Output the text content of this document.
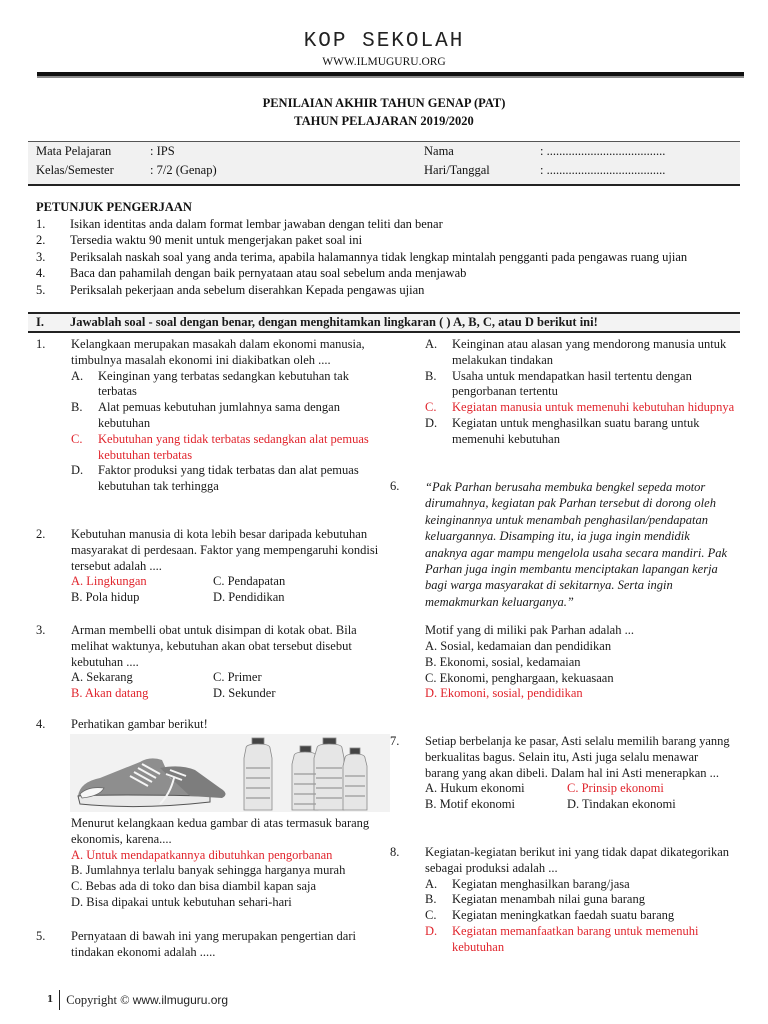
KOP SEKOLAH
WWW.ILMUGURU.ORG
PENILAIAN AKHIR TAHUN GENAP (PAT)
TAHUN PELAJARAN 2019/2020
Mata Pelajaran	: IPS
Kelas/Semester	: 7/2 (Genap)
Nama	: ......................................
Hari/Tanggal	: ......................................
PETUNJUK PENGERJAAN
1.	Isikan identitas anda dalam format lembar jawaban dengan teliti dan benar
2.	Tersedia waktu 90 menit untuk mengerjakan paket soal ini
3.	Periksalah naskah soal yang anda terima, apabila halamannya tidak lengkap mintalah pengganti pada pengawas ruang ujian
4.	Baca dan pahamilah dengan baik pernyataan atau soal sebelum anda menjawab
5.	Periksalah pekerjaan anda sebelum diserahkan Kepada pengawas ujian
I. Jawablah soal - soal dengan benar, dengan menghitamkan lingkaran ( ) A, B, C, atau D berikut ini!
1. Kelangkaan merupakan masakah dalam ekonomi manusia, timbulnya masalah ekonomi ini diakibatkan oleh ....
A.	Keinginan yang terbatas sedangkan kebutuhan tak terbatas
B.	Alat pemuas kebutuhan jumlahnya sama dengan kebutuhan
C.	Kebutuhan yang tidak terbatas sedangkan alat pemuas kebutuhan terbatas
D.	Faktor produksi yang tidak terbatas dan alat pemuas kebutuhan tak terhingga
2. Kebutuhan manusia di kota lebih besar daripada kebutuhan masyarakat di perdesaan. Faktor yang mempengaruhi kondisi tersebut adalah ....
A. Lingkungan	C. Pendapatan
B. Pola hidup	D. Pendidikan
3. Arman membelli obat untuk disimpan di kotak obat. Bila melihat waktunya, kebutuhan akan obat tersebut disebut kebutuhan ....
A. Sekarang	C. Primer
B. Akan datang	D. Sekunder
4. Perhatikan gambar berikut!
Menurut kelangkaan kedua gambar di atas termasuk barang ekonomis, karena....
A. Untuk mendapatkannya dibutuhkan pengorbanan
B. Jumlahnya terlalu banyak sehingga harganya murah
C. Bebas ada di toko dan bisa diambil kapan saja
D. Bisa dipakai untuk kebutuhan sehari-hari
5. Pernyataan di bawah ini yang merupakan pengertian dari tindakan ekonomi adalah .....
A.	Keinginan atau alasan yang mendorong manusia untuk melakukan tindakan
B.	Usaha untuk mendapatkan hasil tertentu dengan pengorbanan tertentu
C.	Kegiatan manusia untuk memenuhi kebutuhan hidupnya
D.	Kegiatan untuk menghasilkan suatu barang untuk memenuhi kebutuhan
6. “Pak Parhan berusaha membuka bengkel sepeda motor dirumahnya, kegiatan pak Parhan tersebut di dorong oleh keinginannya untuk menambah penghasilan/pendapatan keluargannya. Disamping itu, ia juga ingin mendidik anaknya agar mampu mengelola usaha secara mandiri. Pak Parhan juga ingin membantu menciptakan lapangan kerja bagi warga masyarakat di sekitarnya. Serta ingin memakmurkan keluarganya.”
Motif yang di miliki pak Parhan adalah ...
A. Sosial, kedamaian dan pendidikan
B. Ekonomi, sosial, kedamaian
C. Ekonomi, penghargaan, kekuasaan
D. Ekomoni, sosial, pendidikan
7. Setiap berbelanja ke pasar, Asti selalu memilih barang yanng berkualitas bagus. Selain itu, Asti juga selalu menawar barang yang akan dibeli. Dalam hal ini Asti menerapkan ...
A. Hukum ekonomi	C. Prinsip ekonomi
B. Motif ekonomi	D. Tindakan ekonomi
8. Kegiatan-kegiatan berikut ini yang tidak dapat dikategorikan sebagai produksi adalah ...
A.	Kegiatan menghasilkan barang/jasa
B.	Kegiatan menambah nilai guna barang
C.	Kegiatan meningkatkan faedah suatu barang
D.	Kegiatan memanfaatkan barang untuk memenuhi kebutuhan
1 Copyright © www.ilmuguru.org
